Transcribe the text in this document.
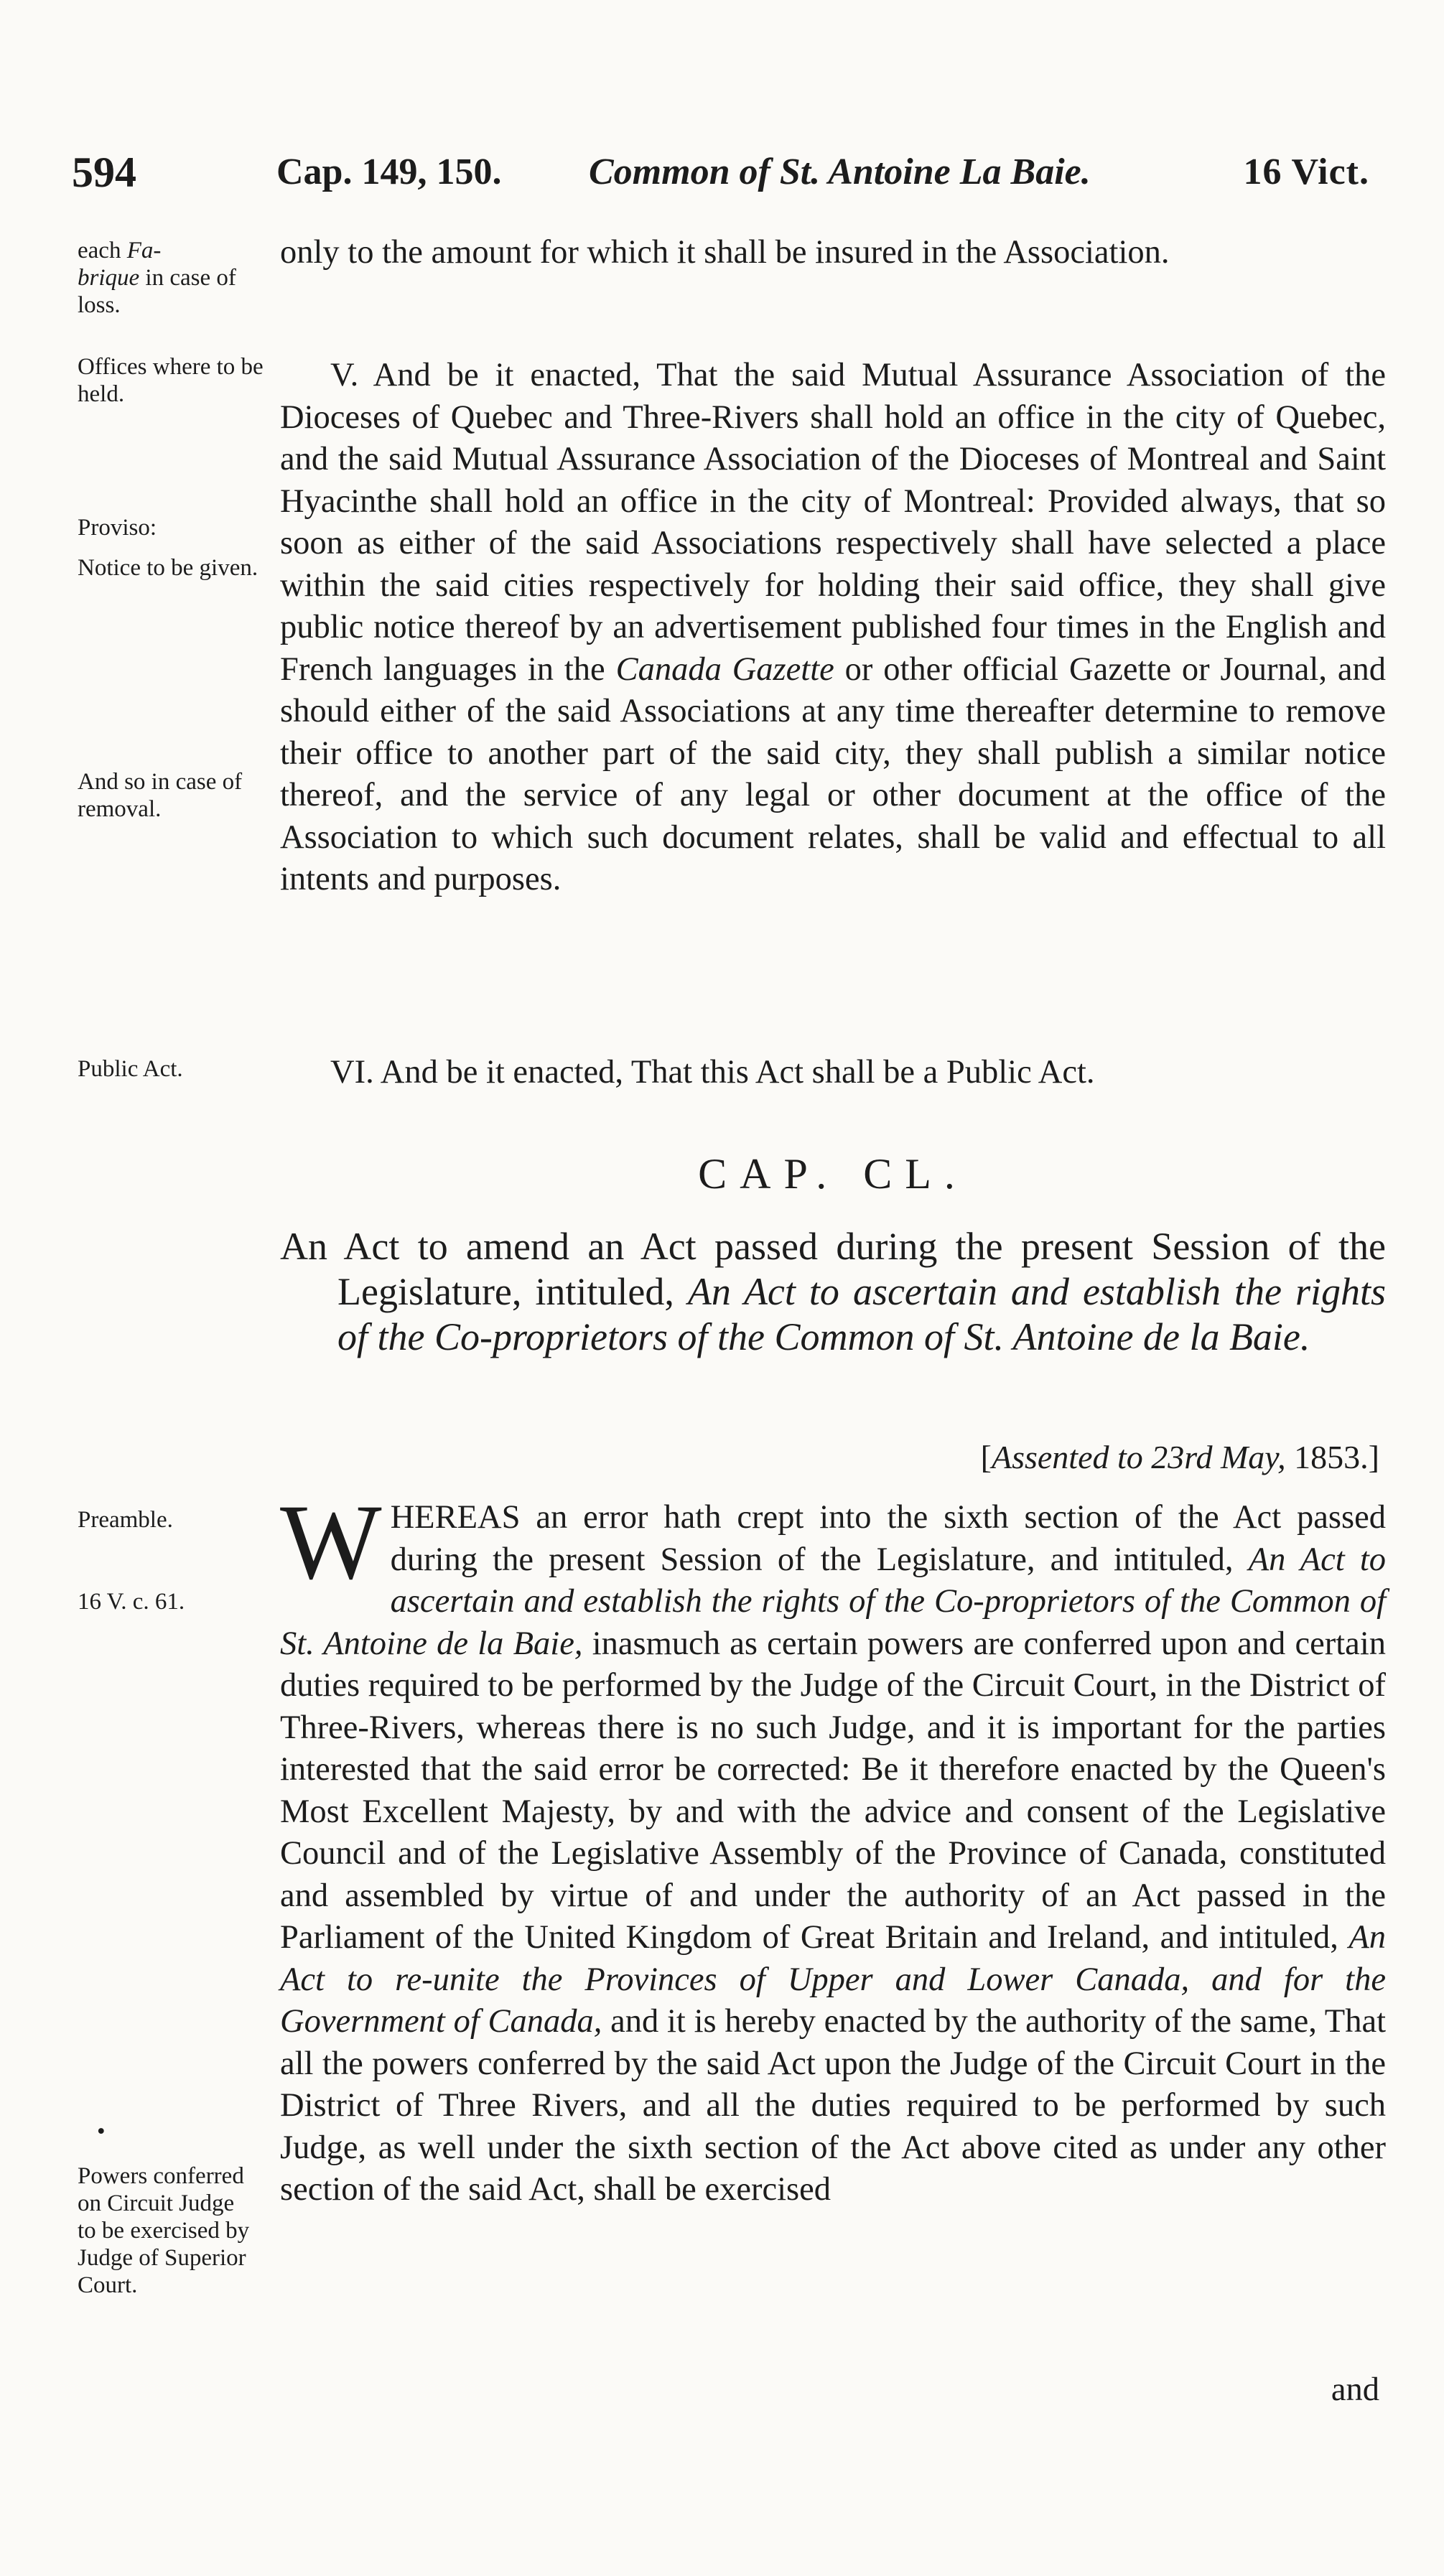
594	Cap. 149, 150. Common of St. Antoine La Baie.	16 Vict.
each Fa-
brique in case of loss.
Offices where to be held.
Proviso:
Notice to be given.
And so in case of removal.
Public Act.
Preamble.
16 V. c. 61.
•
Powers conferred on Circuit Judge to be exercised by Judge of Superior Court.
only to the amount for which it shall be insured in the Association.
V. And be it enacted, That the said Mutual Assurance Association of the Dioceses of Quebec and Three-Rivers shall hold an office in the city of Quebec, and the said Mutual Assurance Association of the Dioceses of Montreal and Saint Hyacinthe shall hold an office in the city of Montreal: Provided always, that so soon as either of the said Associations respectively shall have selected a place within the said cities respectively for holding their said office, they shall give public notice thereof by an advertisement published four times in the English and French languages in the Canada Gazette or other official Gazette or Journal, and should either of the said Associations at any time thereafter determine to remove their office to another part of the said city, they shall publish a similar notice thereof, and the service of any legal or other document at the office of the Association to which such document relates, shall be valid and effectual to all intents and purposes.
VI. And be it enacted, That this Act shall be a Public Act.
CAP. CL.
An Act to amend an Act passed during the present Session of the Legislature, intituled, An Act to ascertain and establish the rights of the Co-proprietors of the Common of St. Antoine de la Baie.
[Assented to 23rd May, 1853.]
WHEREAS an error hath crept into the sixth section of the Act passed during the present Session of the Legislature, and intituled, An Act to ascertain and establish the rights of the Co-proprietors of the Common of St. Antoine de la Baie, inasmuch as certain powers are conferred upon and certain duties required to be performed by the Judge of the Circuit Court, in the District of Three-Rivers, whereas there is no such Judge, and it is important for the parties interested that the said error be corrected: Be it therefore enacted by the Queen's Most Excellent Majesty, by and with the advice and consent of the Legislative Council and of the Legislative Assembly of the Province of Canada, constituted and assembled by virtue of and under the authority of an Act passed in the Parliament of the United Kingdom of Great Britain and Ireland, and intituled, An Act to re-unite the Provinces of Upper and Lower Canada, and for the Government of Canada, and it is hereby enacted by the authority of the same, That all the powers conferred by the said Act upon the Judge of the Circuit Court in the District of Three Rivers, and all the duties required to be performed by such Judge, as well under the sixth section of the Act above cited as under any other section of the said Act, shall be exercised
and
